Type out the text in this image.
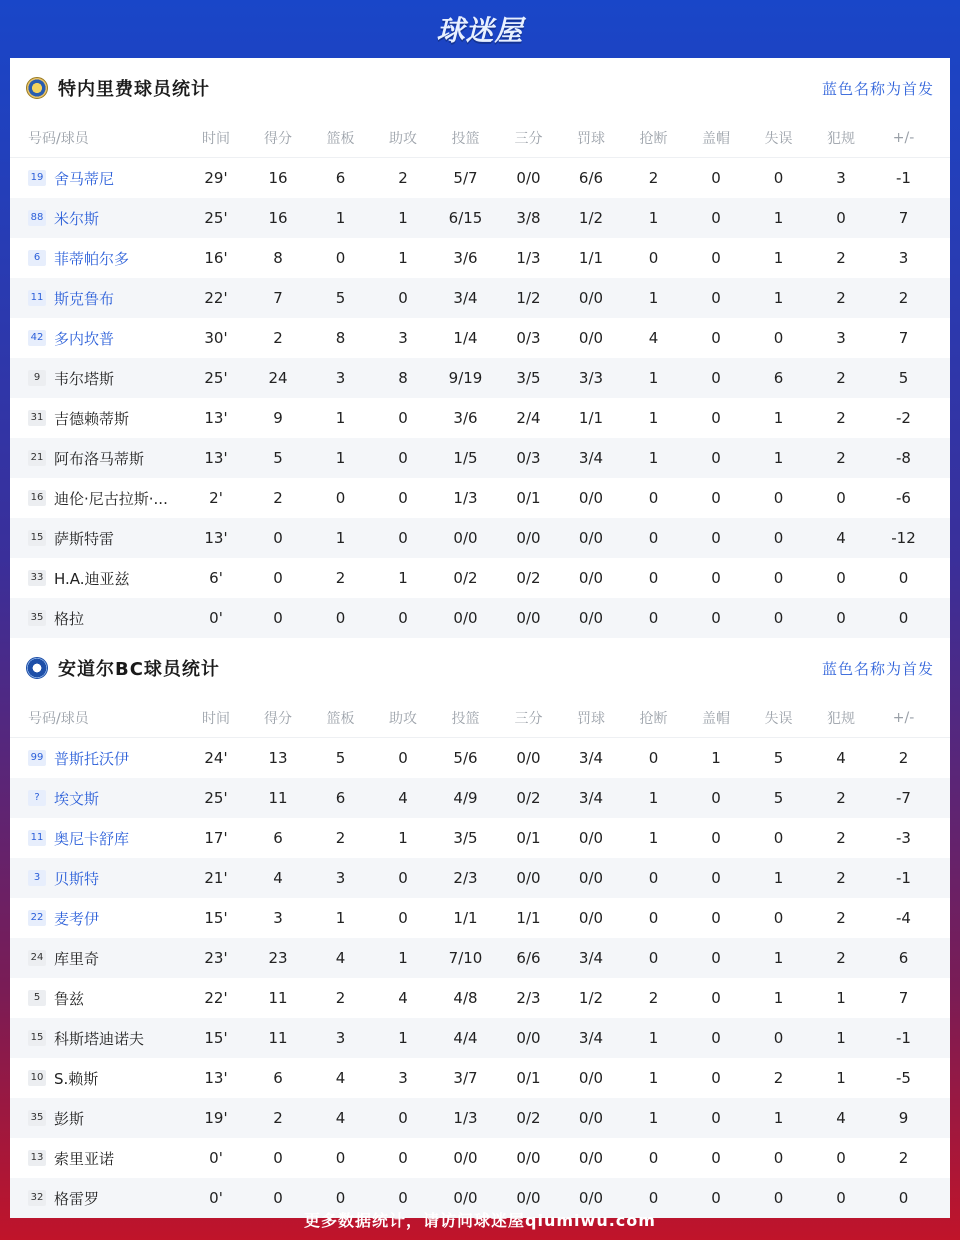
球迷屋
特内里费球员统计	蓝色名称为首发
号码/球员	时间	得分	篮板	助攻	投篮	三分	罚球	抢断	盖帽	失误	犯规	+/-
19 舍马蒂尼	29'	16	6	2	5/7	0/0	6/6	2	0	0	3	-1
88 米尔斯	25'	16	1	1	6/15	3/8	1/2	1	0	1	0	7
6 菲蒂帕尔多	16'	8	0	1	3/6	1/3	1/1	0	0	1	2	3
11 斯克鲁布	22'	7	5	0	3/4	1/2	0/0	1	0	1	2	2
42 多内坎普	30'	2	8	3	1/4	0/3	0/0	4	0	0	3	7
9 韦尔塔斯	25'	24	3	8	9/19	3/5	3/3	1	0	6	2	5
31 吉德赖蒂斯	13'	9	1	0	3/6	2/4	1/1	1	0	1	2	-2
21 阿布洛马蒂斯	13'	5	1	0	1/5	0/3	3/4	1	0	1	2	-8
16 迪伦·尼古拉斯·...	2'	2	0	0	1/3	0/1	0/0	0	0	0	0	-6
15 萨斯特雷	13'	0	1	0	0/0	0/0	0/0	0	0	0	4	-12
33 H.A.迪亚兹	6'	0	2	1	0/2	0/2	0/0	0	0	0	0	0
35 格拉	0'	0	0	0	0/0	0/0	0/0	0	0	0	0	0
安道尔BC球员统计	蓝色名称为首发
号码/球员	时间	得分	篮板	助攻	投篮	三分	罚球	抢断	盖帽	失误	犯规	+/-
99 普斯托沃伊	24'	13	5	0	5/6	0/0	3/4	0	1	5	4	2
? 埃文斯	25'	11	6	4	4/9	0/2	3/4	1	0	5	2	-7
11 奥尼卡舒库	17'	6	2	1	3/5	0/1	0/0	1	0	0	2	-3
3 贝斯特	21'	4	3	0	2/3	0/0	0/0	0	0	1	2	-1
22 麦考伊	15'	3	1	0	1/1	1/1	0/0	0	0	0	2	-4
24 库里奇	23'	23	4	1	7/10	6/6	3/4	0	0	1	2	6
5 鲁兹	22'	11	2	4	4/8	2/3	1/2	2	0	1	1	7
15 科斯塔迪诺夫	15'	11	3	1	4/4	0/0	3/4	1	0	0	1	-1
10 S.赖斯	13'	6	4	3	3/7	0/1	0/0	1	0	2	1	-5
35 彭斯	19'	2	4	0	1/3	0/2	0/0	1	0	1	4	9
13 索里亚诺	0'	0	0	0	0/0	0/0	0/0	0	0	0	0	2
32 格雷罗	0'	0	0	0	0/0	0/0	0/0	0	0	0	0	0
更多数据统计，请访问球迷屋qiumiwu.com
